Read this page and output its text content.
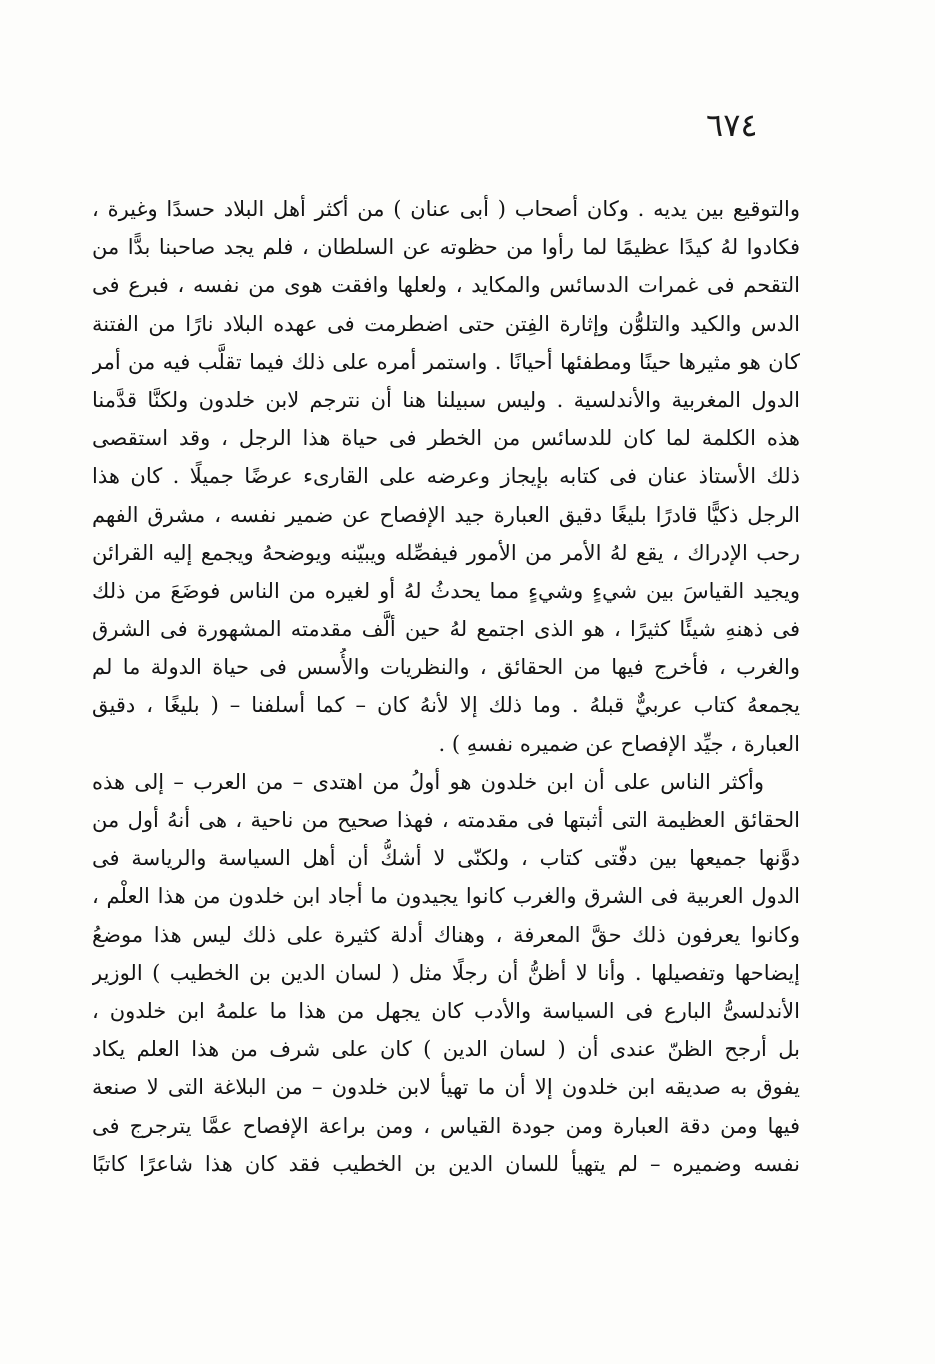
٦٧٤
والتوقيع بين يديه . وكان أصحاب ( أبى عنان ) من أكثر أهل البلاد حسدًا وغيرة ،
فكادوا لهُ كيدًا عظيمًا لما رأوا من حظوته عن السلطان ، فلم يجد صاحبنا بدًّا من
التقحم فى غمرات الدسائس والمكايد ، ولعلها وافقت هوى من نفسه ، فبرع فى
الدس والكيد والتلوُّن وإثارة الفِتن حتى اضطرمت فى عهده البلاد نارًا من الفتنة
كان هو مثيرها حينًا ومطفئها أحيانًا . واستمر أمره على ذلك فيما تقلَّب فيه من أمر
الدول المغربية والأندلسية . وليس سبيلنا هنا أن نترجم لابن خلدون ولكنَّا قدَّمنا
هذه الكلمة لما كان للدسائس من الخطر فى حياة هذا الرجل ، وقد استقصى
ذلك الأستاذ عنان فى كتابه بإيجاز وعرضه على القارىء عرضًا جميلًا . كان هذا
الرجل ذكيًّا قادرًا بليغًا دقيق العبارة جيد الإفصاح عن ضمير نفسه ، مشرق الفهم
رحب الإدراك ، يقع لهُ الأمر من الأمور فيفصِّله ويبيّنه ويوضحهُ ويجمع إليه القرائن
ويجيد القياسَ بين شيءٍ وشيءٍ مما يحدثُ لهُ أو لغيره من الناس فوضَعَ من ذلك
فى ذهنهِ شيئًا كثيرًا ، هو الذى اجتمع لهُ حين ألَّف مقدمته المشهورة فى الشرق
والغرب ، فأخرج فيها من الحقائق ، والنظريات والأُسس فى حياة الدولة ما لم
يجمعهُ كتاب عربيٌّ قبلهُ . وما ذلك إلا لأنهُ كان – كما أسلفنا – ( بليغًا ، دقيق
العبارة ، جيِّد الإفصاح عن ضميره نفسهِ ) .
وأكثر الناس على أن ابن خلدون هو أولُ من اهتدى – من العرب – إلى هذه
الحقائق العظيمة التى أثبتها فى مقدمته ، فهذا صحيح من ناحية ، هى أنهُ أول من
دوَّنها جميعها بين دفّتى كتاب ، ولكنّى لا أشكُّ أن أهل السياسة والرياسة فى
الدول العربية فى الشرق والغرب كانوا يجيدون ما أجاد ابن خلدون من هذا العلْم ،
وكانوا يعرفون ذلك حقَّ المعرفة ، وهناك أدلة كثيرة على ذلك ليس هذا موضعُ
إيضاحها وتفصيلها . وأنا لا أظنُّ أن رجلًا مثل ( لسان الدين بن الخطيب ) الوزير
الأندلسىُّ البارع فى السياسة والأدب كان يجهل من هذا ما علمهُ ابن خلدون ،
بل أرجح الظنّ عندى أن ( لسان الدين ) كان على شرف من هذا العلم يكاد
يفوق به صديقه ابن خلدون إلا أن ما تهيأ لابن خلدون – من البلاغة التى لا صنعة
فيها ومن دقة العبارة ومن جودة القياس ، ومن براعة الإفصاح عمَّا يترجرج فى
نفسه وضميره – لم يتهيأ للسان الدين بن الخطيب فقد كان هذا شاعرًا كاتبًا
